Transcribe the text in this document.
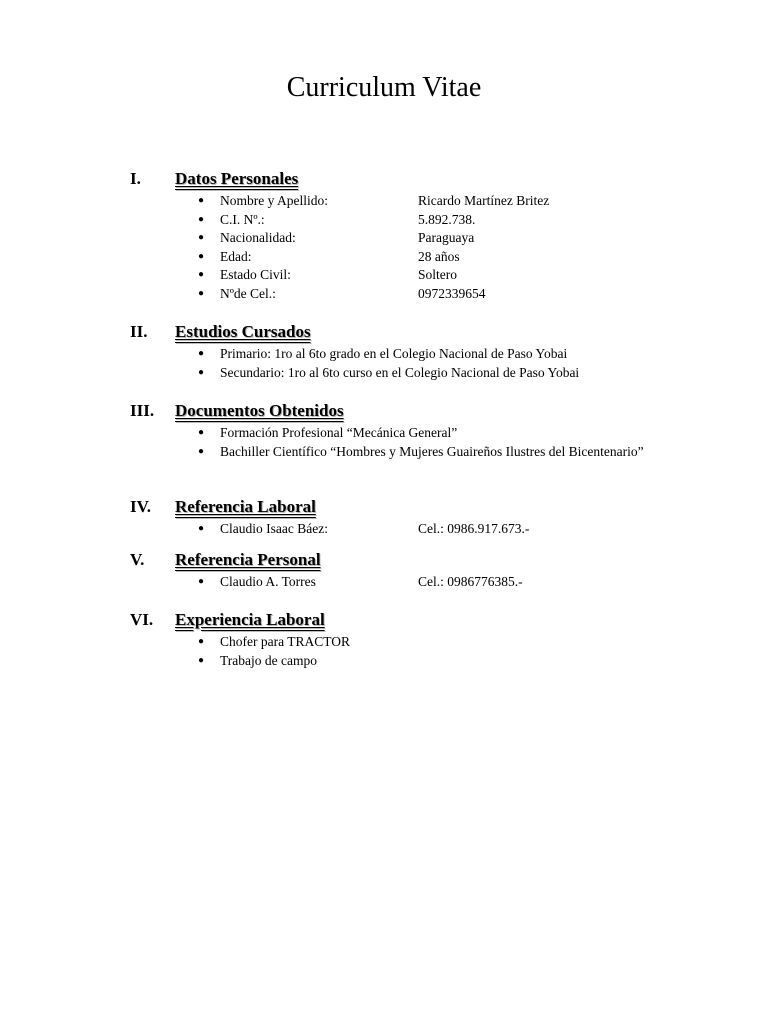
Curriculum Vitae
I. Datos Personales
● Nombre y Apellido:	Ricardo Martínez Britez
● C.I. Nº.:	5.892.738.
● Nacionalidad:	Paraguaya
● Edad:	28 años
● Estado Civil:	Soltero
● Nºde Cel.:	0972339654
II. Estudios Cursados
● Primario: 1ro al 6to grado en el Colegio Nacional de Paso Yobai
● Secundario: 1ro al 6to curso en el Colegio Nacional de Paso Yobai
III. Documentos Obtenidos
● Formación Profesional “Mecánica General”
● Bachiller Científico “Hombres y Mujeres Guaireños Ilustres del Bicentenario”
IV. Referencia Laboral
● Claudio Isaac Báez:	Cel.: 0986.917.673.-
V. Referencia Personal
● Claudio A. Torres	Cel.: 0986776385.-
VI. Experiencia Laboral
● Chofer para TRACTOR
● Trabajo de campo
